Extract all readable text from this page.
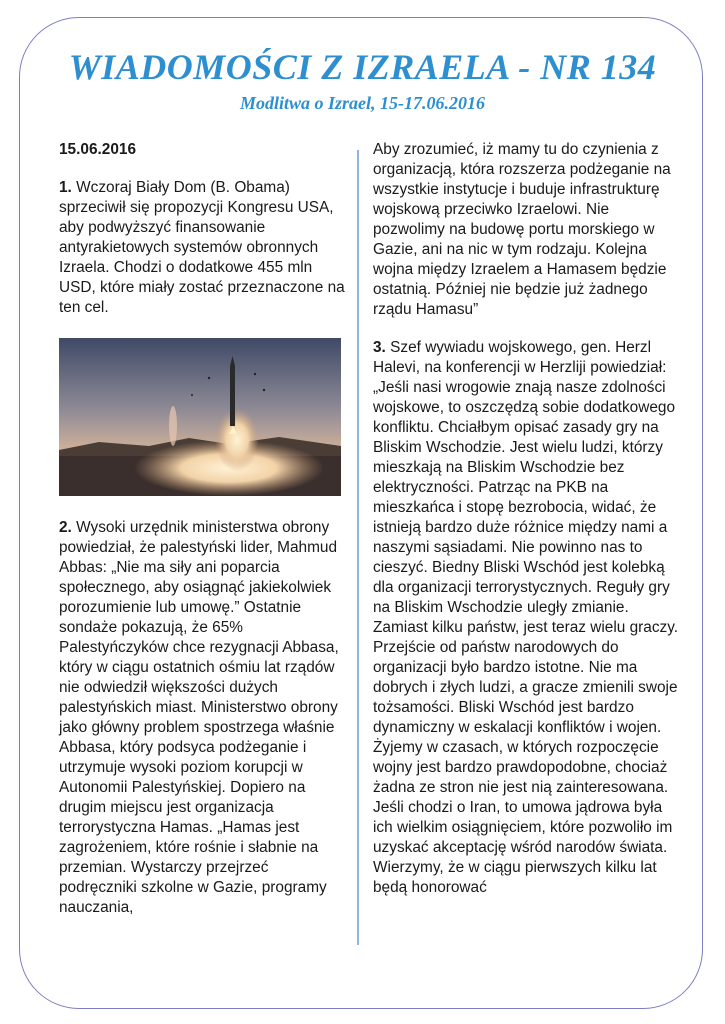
WIADOMOŚCI Z IZRAELA - NR 134
Modlitwa o Izrael, 15-17.06.2016

15.06.2016

1. Wczoraj Biały Dom (B. Obama) sprzeciwił się propozycji Kongresu USA, aby podwyższyć finansowanie antyrakietowych systemów obronnych Izraela. Chodzi o dodatkowe 455 mln USD, które miały zostać przeznaczone na ten cel.

2. Wysoki urzędnik ministerstwa obrony powiedział, że palestyński lider, Mahmud Abbas: „Nie ma siły ani poparcia społecznego, aby osiągnąć jakiekolwiek porozumienie lub umowę.” Ostatnie sondaże pokazują, że 65% Palestyńczyków chce rezygnacji Abbasa, który w ciągu ostatnich ośmiu lat rządów nie odwiedził większości dużych palestyńskich miast. Ministerstwo obrony jako główny problem spostrzega właśnie Abbasa, który podsyca podżeganie i utrzymuje wysoki poziom korupcji w Autonomii Palestyńskiej. Dopiero na drugim miejscu jest organizacja terrorystyczna Hamas. „Hamas jest zagrożeniem, które rośnie i słabnie na przemian. Wystarczy przejrzeć podręczniki szkolne w Gazie, programy nauczania,

Aby zrozumieć, iż mamy tu do czynienia z organizacją, która rozszerza podżeganie na wszystkie instytucje i buduje infrastrukturę wojskową przeciwko Izraelowi. Nie pozwolimy na budowę portu morskiego w Gazie, ani na nic w tym rodzaju. Kolejna wojna między Izraelem a Hamasem będzie ostatnią. Później nie będzie już żadnego rządu Hamasu”

3. Szef wywiadu wojskowego, gen. Herzl Halevi, na konferencji w Herzliji powiedział: „Jeśli nasi wrogowie znają nasze zdolności wojskowe, to oszczędzą sobie dodatkowego konfliktu. Chciałbym opisać zasady gry na Bliskim Wschodzie. Jest wielu ludzi, którzy mieszkają na Bliskim Wschodzie bez elektryczności. Patrząc na PKB na mieszkańca i stopę bezrobocia, widać, że istnieją bardzo duże różnice między nami a naszymi sąsiadami. Nie powinno nas to cieszyć. Biedny Bliski Wschód jest kolebką dla organizacji terrorystycznych. Reguły gry na Bliskim Wschodzie uległy zmianie. Zamiast kilku państw, jest teraz wielu graczy. Przejście od państw narodowych do organizacji było bardzo istotne. Nie ma dobrych i złych ludzi, a gracze zmienili swoje tożsamości. Bliski Wschód jest bardzo dynamiczny w eskalacji konfliktów i wojen. Żyjemy w czasach, w których rozpoczęcie wojny jest bardzo prawdopodobne, chociaż żadna ze stron nie jest nią zainteresowana. Jeśli chodzi o Iran, to umowa jądrowa była ich wielkim osiągnięciem, które pozwoliło im uzyskać akceptację wśród narodów świata. Wierzymy, że w ciągu pierwszych kilku lat będą honorować
